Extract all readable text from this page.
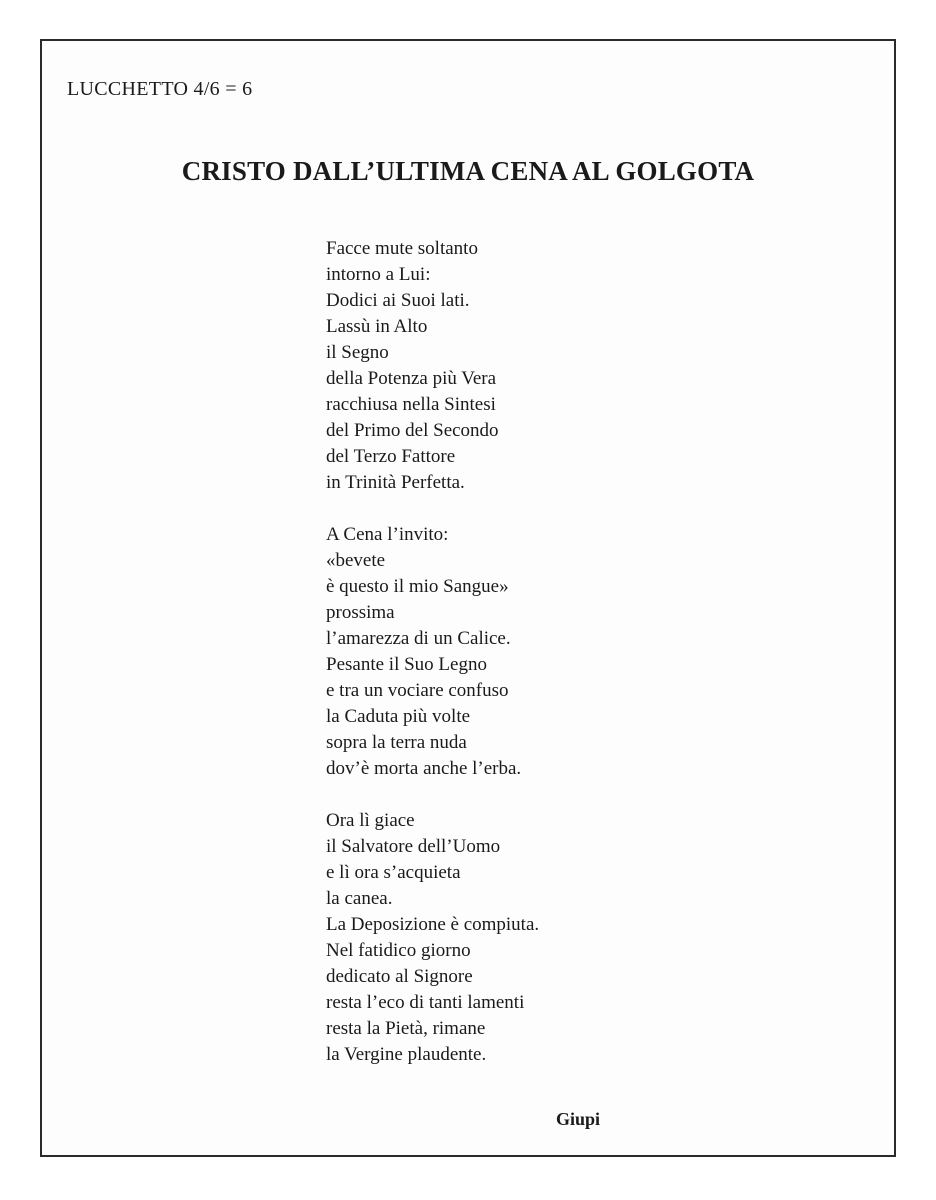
LUCCHETTO 4/6 = 6
CRISTO DALL’ULTIMA CENA AL GOLGOTA
Facce mute soltanto
intorno a Lui:
Dodici ai Suoi lati.
Lassù in Alto
il Segno
della Potenza più Vera
racchiusa nella Sintesi
del Primo del Secondo
del Terzo Fattore
in Trinità Perfetta.
A Cena l’invito:
«bevete
è questo il mio Sangue»
prossima
l’amarezza di un Calice.
Pesante il Suo Legno
e tra un vociare confuso
la Caduta più volte
sopra la terra nuda
dov’è morta anche l’erba.
Ora lì giace
il Salvatore dell’Uomo
e lì ora s’acquieta
la canea.
La Deposizione è compiuta.
Nel fatidico giorno
dedicato al Signore
resta l’eco di tanti lamenti
resta la Pietà, rimane
la Vergine plaudente.
Giupi
